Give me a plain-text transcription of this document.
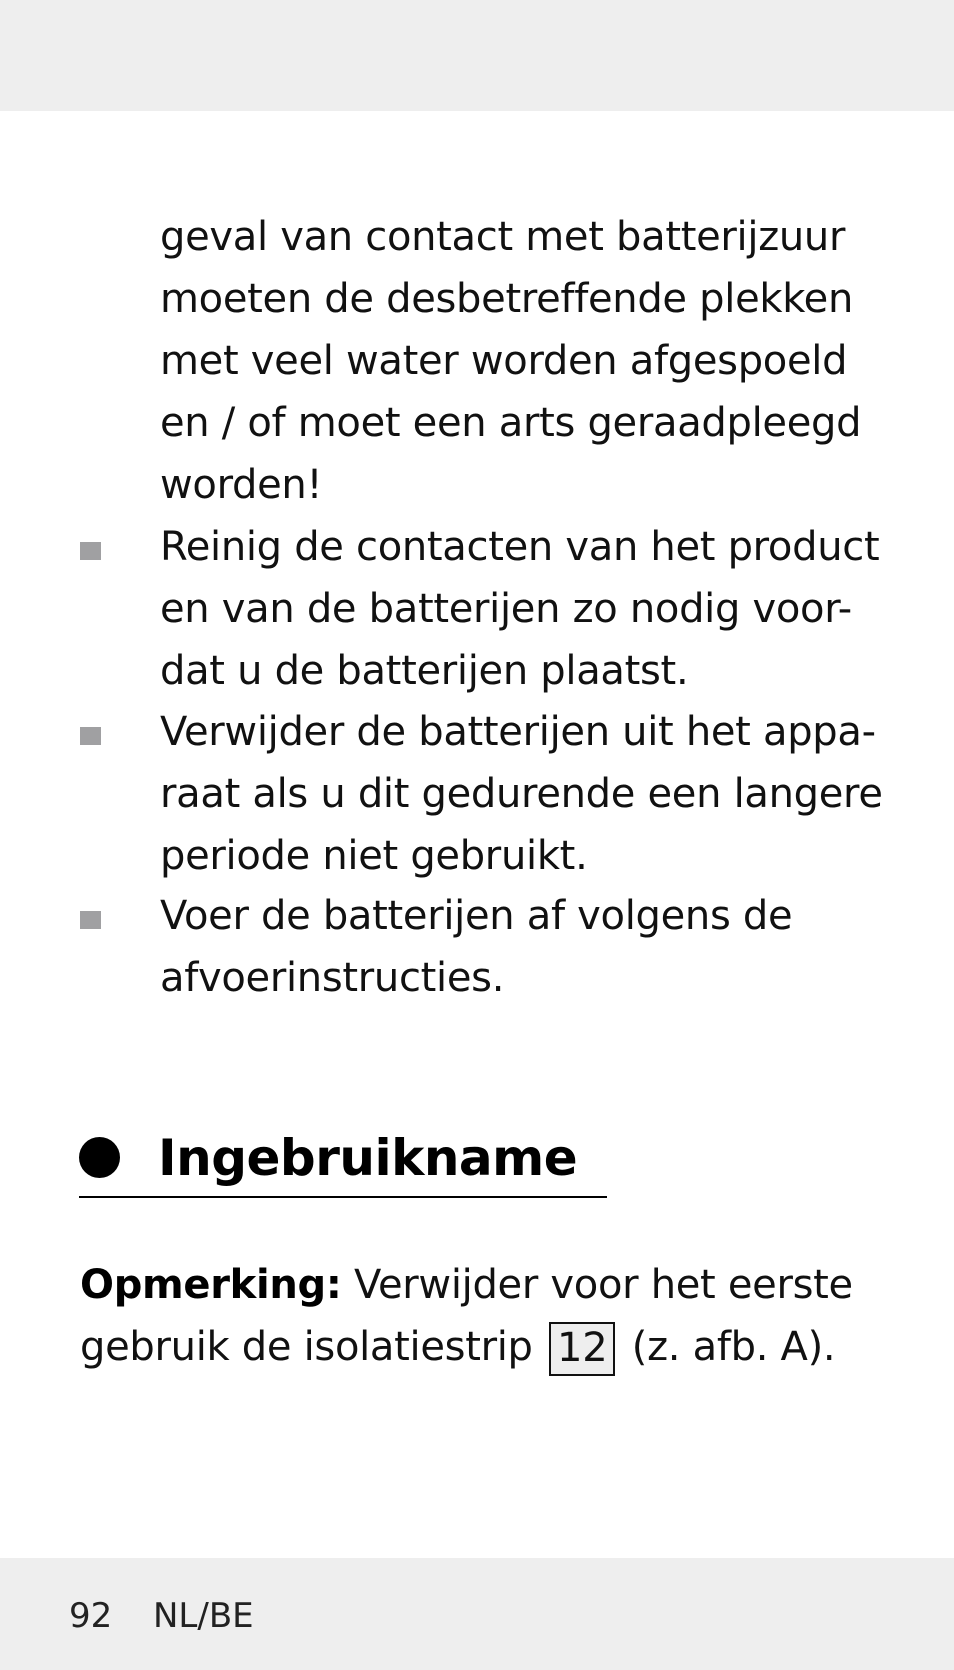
geval van contact met batterijzuur
moeten de desbetreffende plekken
met veel water worden afgespoeld
en / of moet een arts geraadpleegd
worden!
Reinig de contacten van het product
en van de batterijen zo nodig voor-
dat u de batterijen plaatst.
Verwijder de batterijen uit het appa-
raat als u dit gedurende een langere
periode niet gebruikt.
Voer de batterijen af volgens de
afvoerinstructies.
Ingebruikname
Opmerking: Verwijder voor het eerste
gebruik de isolatiestrip 12 (z. afb. A).
92 NL/BE
